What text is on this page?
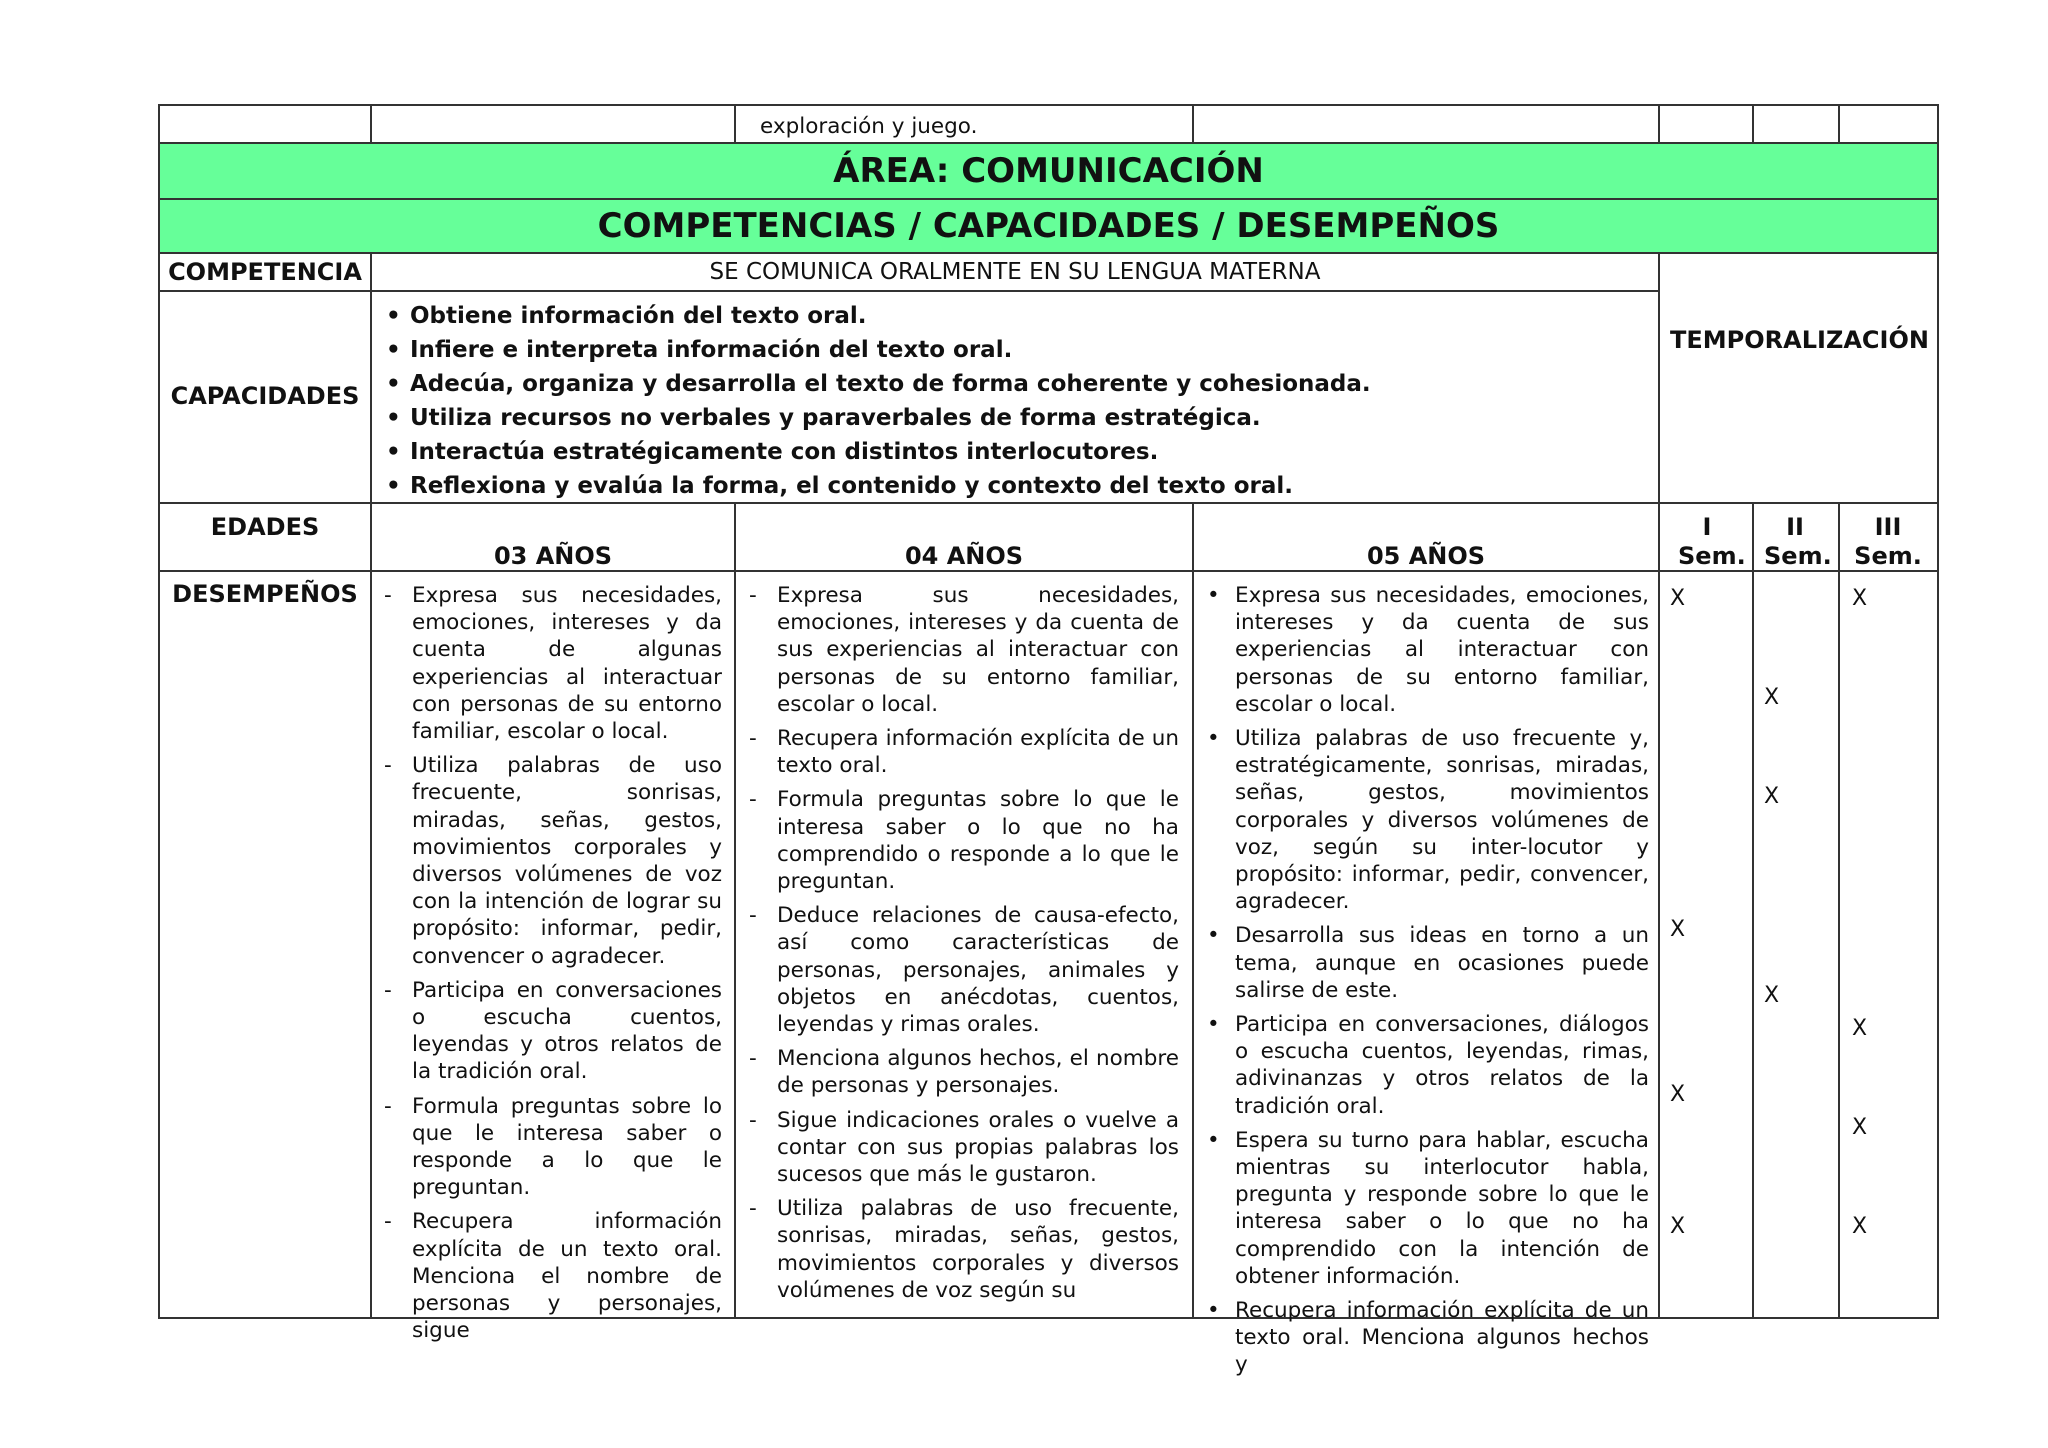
exploración y juego.
ÁREA: COMUNICACIÓN
COMPETENCIAS / CAPACIDADES / DESEMPEÑOS
COMPETENCIA	SE COMUNICA ORALMENTE EN SU LENGUA MATERNA
CAPACIDADES
• Obtiene información del texto oral.
• Infiere e interpreta información del texto oral.
• Adecúa, organiza y desarrolla el texto de forma coherente y cohesionada.
• Utiliza recursos no verbales y paraverbales de forma estratégica.
• Interactúa estratégicamente con distintos interlocutores.
• Reflexiona y evalúa la forma, el contenido y contexto del texto oral.
TEMPORALIZACIÓN
EDADES
03 AÑOS	04 AÑOS	05 AÑOS
I Sem.
II Sem.
III Sem.
DESEMPEÑOS
-	Expresa sus necesidades, emociones, intereses y da cuenta de algunas experiencias al interactuar con personas de su entorno familiar, escolar o local.
- Utiliza palabras de uso frecuente, sonrisas, miradas, señas, gestos, movimientos corporales y diversos volúmenes de voz con la intención de lograr su propósito: informar, pedir, convencer o agradecer.
- Participa en conversaciones o escucha cuentos, leyendas y otros relatos de la tradición oral.
- Formula preguntas sobre lo que le interesa saber o responde a lo que le preguntan.
- Recupera información explícita de un texto oral. Menciona el nombre de personas y personajes, sigue
- Expresa sus necesidades, emociones, intereses y da cuenta de sus experiencias al interactuar con personas de su entorno familiar, escolar o local.
- Recupera información explícita de un texto oral.
- Formula preguntas sobre lo que le interesa saber o lo que no ha comprendido o responde a lo que le preguntan.
- Deduce relaciones de causa-efecto, así como características de personas, personajes, animales y objetos en anécdotas, cuentos, leyendas y rimas orales.
- Menciona algunos hechos, el nombre de personas y personajes.
- Sigue indicaciones orales o vuelve a contar con sus propias palabras los sucesos que más le gustaron.
- Utiliza palabras de uso frecuente, sonrisas, miradas, señas, gestos, movimientos corporales y diversos volúmenes de voz según su
• Expresa sus necesidades, emociones, intereses y da cuenta de sus experiencias al interactuar con personas de su entorno familiar, escolar o local.
• Utiliza palabras de uso frecuente y, estratégicamente, sonrisas, miradas, señas, gestos, movimientos corporales y diversos volúmenes de voz, según su inter-locutor y propósito: informar, pedir, convencer, agradecer.
• Desarrolla sus ideas en torno a un tema, aunque en ocasiones puede salirse de este.
• Participa en conversaciones, diálogos o escucha cuentos, leyendas, rimas, adivinanzas y otros relatos de la tradición oral.
• Espera su turno para hablar, escucha mientras su interlocutor habla, pregunta y responde sobre lo que le interesa saber o lo que no ha comprendido con la intención de obtener información.
• Recupera información explícita de un texto oral. Menciona algunos hechos y
X
X
X
X
X
X
X
X
X
X
X
